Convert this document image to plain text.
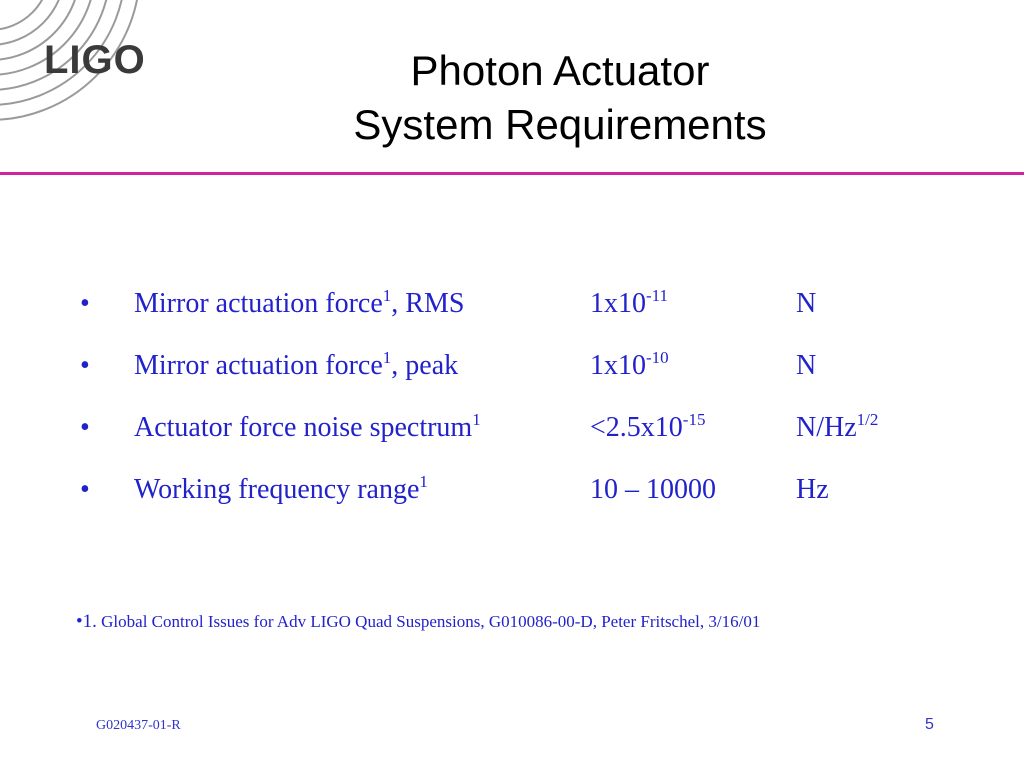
LIGO	Photon Actuator
System Requirements
• Mirror actuation force$^1$, RMS	$1x10^{-11}$	N
• Mirror actuation force$^1$, peak	$1x10^{-10}$	N
• Actuator force noise spectrum$^1$	$<2.5x10^{-15}$	$N/Hz^{1/2}$
• Working frequency range$^1$	10 – 10000	Hz
•1. Global Control Issues for Adv LIGO Quad Suspensions, G010086-00-D, Peter Fritschel, 3/16/01
G020437-01-R	5
